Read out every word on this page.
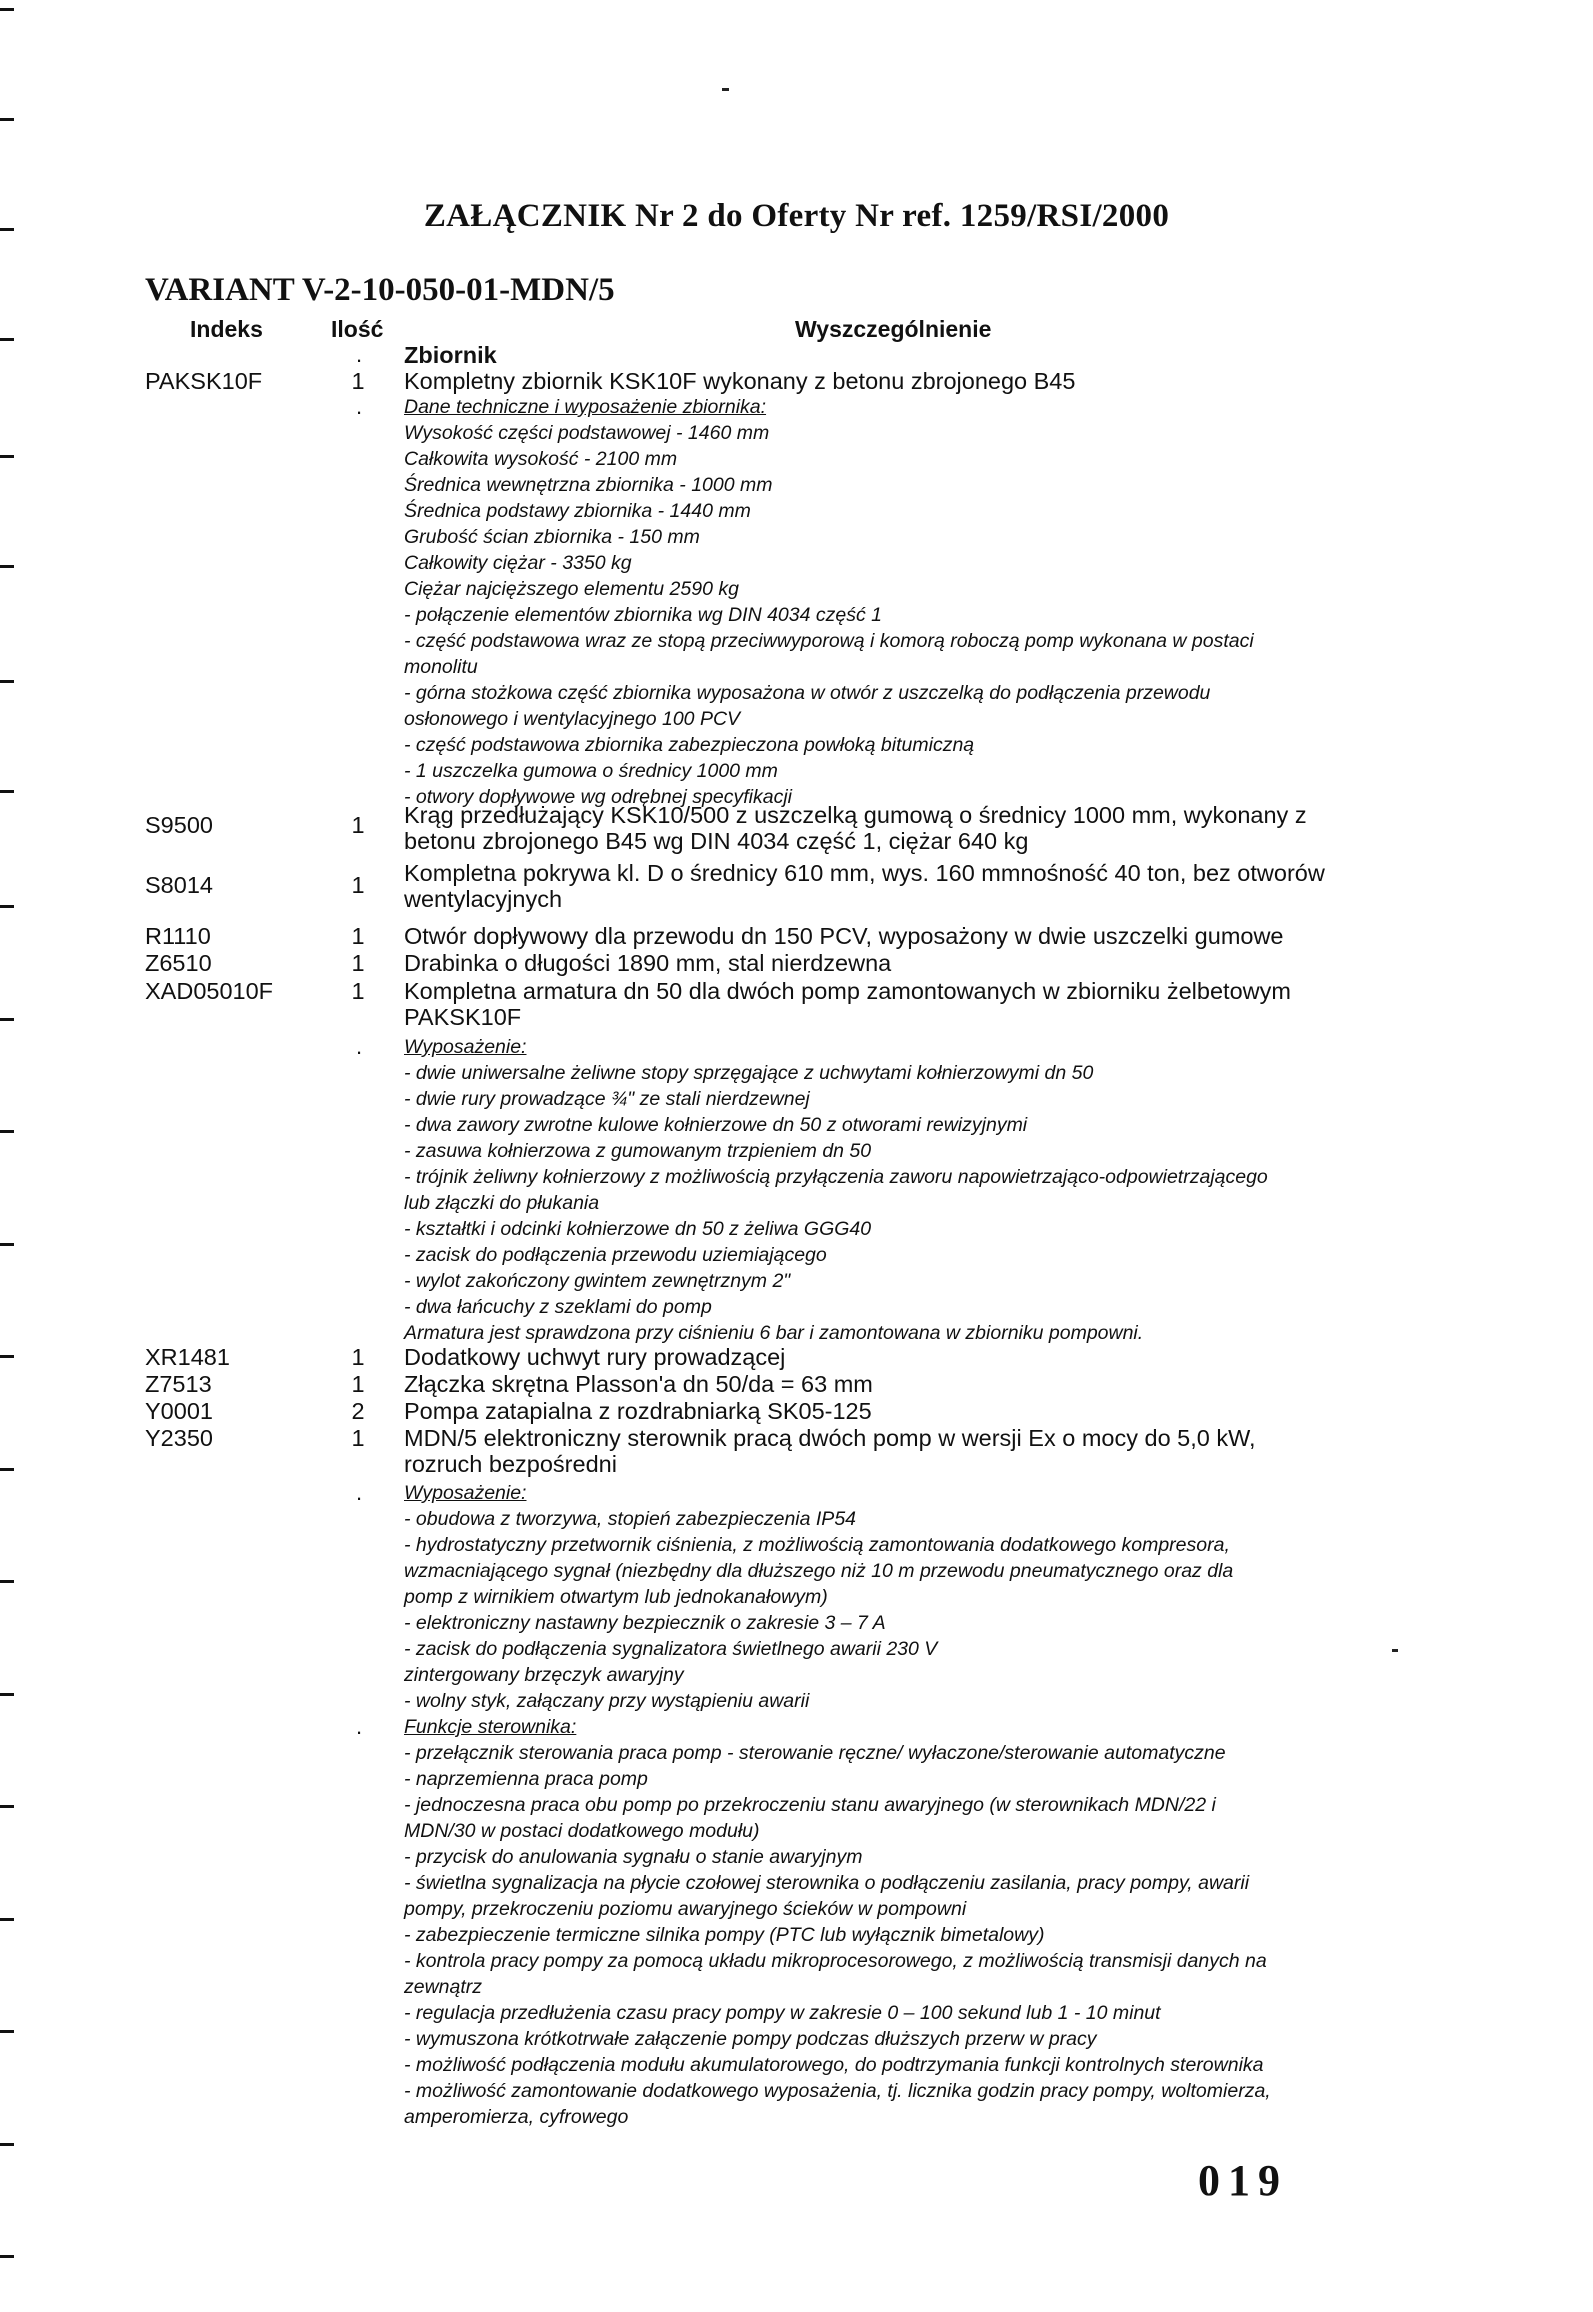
ZAŁĄCZNIK Nr 2 do Oferty Nr ref. 1259/RSI/2000
VARIANT V-2-10-050-01-MDN/5
Indeks	Ilość	Wyszczególnienie
. Zbiornik
PAKSK10F	1 Kompletny zbiornik KSK10F wykonany z betonu zbrojonego B45
. Dane techniczne i wyposażenie zbiornika:
Wysokość części podstawowej - 1460 mm
Całkowita wysokość - 2100 mm
Średnica wewnętrzna zbiornika - 1000 mm
Średnica podstawy zbiornika - 1440 mm
Grubość ścian zbiornika - 150 mm
Całkowity ciężar - 3350 kg
Ciężar najcięższego elementu 2590 kg
- połączenie elementów zbiornika wg DIN 4034 część 1
- część podstawowa wraz ze stopą przeciwwyporową i komorą roboczą pomp wykonana w postaci
monolitu
- górna stożkowa część zbiornika wyposażona w otwór z uszczelką do podłączenia przewodu
osłonowego i wentylacyjnego 100 PCV
- część podstawowa zbiornika zabezpieczona powłoką bitumiczną
- 1 uszczelka gumowa o średnicy 1000 mm
- otwory dopływowe wg odrębnej specyfikacji
S9500	1 Krąg przedłużający KSK10/500 z uszczelką gumową o średnicy 1000 mm, wykonany z
betonu zbrojonego B45 wg DIN 4034 część 1, ciężar 640 kg
S8014	1 Kompletna pokrywa kl. D o średnicy 610 mm, wys. 160 mmnośność 40 ton, bez otworów
wentylacyjnych
R1110	1 Otwór dopływowy dla przewodu dn 150 PCV, wyposażony w dwie uszczelki gumowe
Z6510	1 Drabinka o długości 1890 mm, stal nierdzewna
XAD05010F	1 Kompletna armatura dn 50 dla dwóch pomp zamontowanych w zbiorniku żelbetowym
PAKSK10F
. Wyposażenie:
- dwie uniwersalne żeliwne stopy sprzęgające z uchwytami kołnierzowymi dn 50
- dwie rury prowadzące ¾" ze stali nierdzewnej
- dwa zawory zwrotne kulowe kołnierzowe dn 50 z otworami rewizyjnymi
- zasuwa kołnierzowa z gumowanym trzpieniem dn 50
- trójnik żeliwny kołnierzowy z możliwością przyłączenia zaworu napowietrzająco-odpowietrzającego
lub złączki do płukania
- kształtki i odcinki kołnierzowe dn 50 z żeliwa GGG40
- zacisk do podłączenia przewodu uziemiającego
- wylot zakończony gwintem zewnętrznym 2"
- dwa łańcuchy z szeklami do pomp
Armatura jest sprawdzona przy ciśnieniu 6 bar i zamontowana w zbiorniku pompowni.
XR1481	1 Dodatkowy uchwyt rury prowadzącej
Z7513	1 Złączka skrętna Plasson'a dn 50/da = 63 mm
Y0001	2 Pompa zatapialna z rozdrabniarką SK05-125
Y2350	1 MDN/5 elektroniczny sterownik pracą dwóch pomp w wersji Ex o mocy do 5,0 kW,
rozruch bezpośredni
. Wyposażenie:
- obudowa z tworzywa, stopień zabezpieczenia IP54
- hydrostatyczny przetwornik ciśnienia, z możliwością zamontowania dodatkowego kompresora,
wzmacniającego sygnał (niezbędny dla dłuższego niż 10 m przewodu pneumatycznego oraz dla
pomp z wirnikiem otwartym lub jednokanałowym)
- elektroniczny nastawny bezpiecznik o zakresie 3 – 7 A
- zacisk do podłączenia sygnalizatora świetlnego awarii 230 V
zintergowany brzęczyk awaryjny
- wolny styk, załączany przy wystąpieniu awarii
. Funkcje sterownika:
- przełącznik sterowania praca pomp - sterowanie ręczne/ wyłaczone/sterowanie automatyczne
- naprzemienna praca pomp
- jednoczesna praca obu pomp po przekroczeniu stanu awaryjnego (w sterownikach MDN/22 i
MDN/30 w postaci dodatkowego modułu)
- przycisk do anulowania sygnału o stanie awaryjnym
- świetlna sygnalizacja na płycie czołowej sterownika o podłączeniu zasilania, pracy pompy, awarii
pompy, przekroczeniu poziomu awaryjnego ścieków w pompowni
- zabezpieczenie termiczne silnika pompy (PTC lub wyłącznik bimetalowy)
- kontrola pracy pompy za pomocą układu mikroprocesorowego, z możliwością transmisji danych na
zewnątrz
- regulacja przedłużenia czasu pracy pompy w zakresie 0 – 100 sekund lub 1 - 10 minut
- wymuszona krótkotrwałe załączenie pompy podczas dłuższych przerw w pracy
- możliwość podłączenia modułu akumulatorowego, do podtrzymania funkcji kontrolnych sterownika
- możliwość zamontowanie dodatkowego wyposażenia, tj. licznika godzin pracy pompy, woltomierza,
amperomierza, cyfrowego
019
